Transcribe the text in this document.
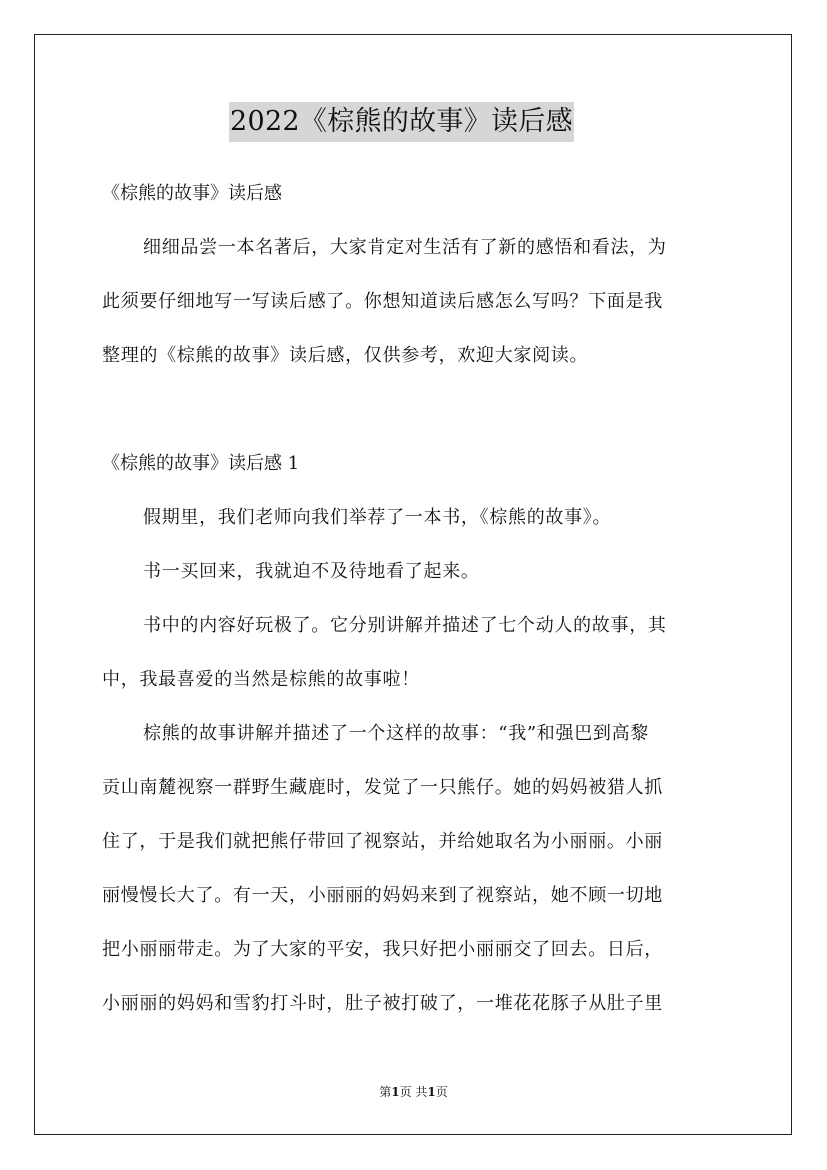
2022《棕熊的故事》读后感
《棕熊的故事》读后感
细细品尝一本名著后，大家肯定对生活有了新的感悟和看法，为
此须要仔细地写一写读后感了。你想知道读后感怎么写吗？下面是我
整理的《棕熊的故事》读后感，仅供参考，欢迎大家阅读。
《棕熊的故事》读后感 1
假期里，我们老师向我们举荐了一本书，《棕熊的故事》。
书一买回来，我就迫不及待地看了起来。
书中的内容好玩极了。它分别讲解并描述了七个动人的故事，其
中，我最喜爱的当然是棕熊的故事啦！
棕熊的故事讲解并描述了一个这样的故事：“我”和强巴到高黎
贡山南麓视察一群野生藏鹿时，发觉了一只熊仔。她的妈妈被猎人抓
住了，于是我们就把熊仔带回了视察站，并给她取名为小丽丽。小丽
丽慢慢长大了。有一天，小丽丽的妈妈来到了视察站，她不顾一切地
把小丽丽带走。为了大家的平安，我只好把小丽丽交了回去。日后，
小丽丽的妈妈和雪豹打斗时，肚子被打破了，一堆花花豚子从肚子里
第1页 共1页
